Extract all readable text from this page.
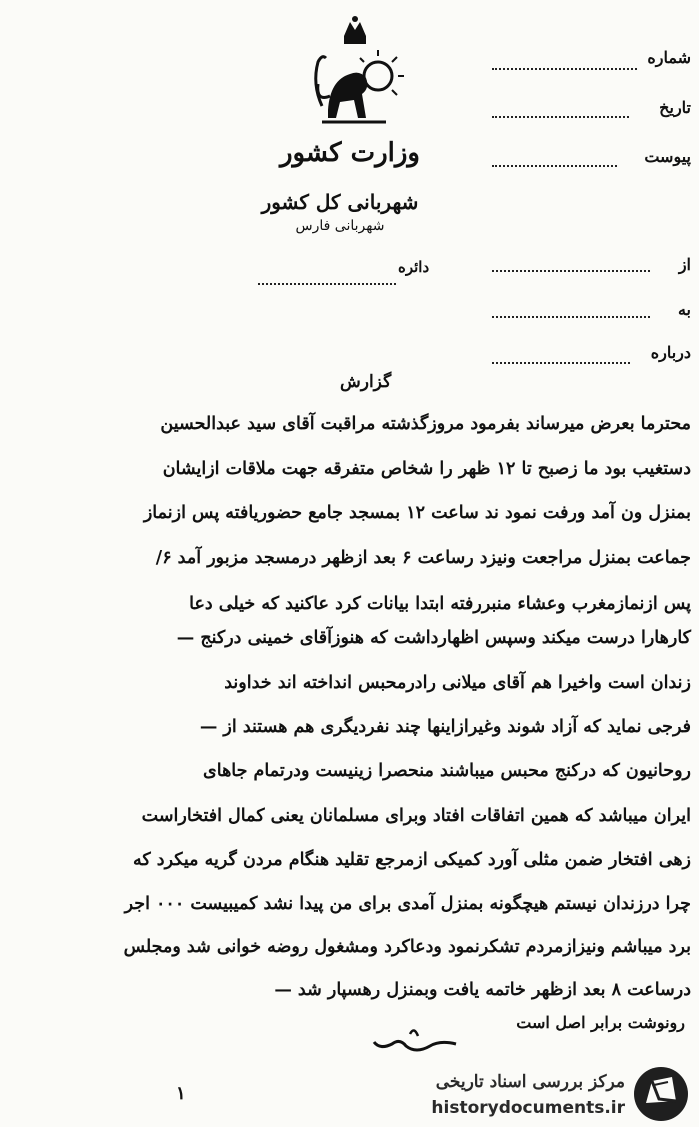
وزارت کشور
شهربانی کل کشور
شهربانی فارس
شماره
تاریخ
پیوست
دائره	از
به
درباره
گزارش
محترما بعرض میرساند بفرمود مروزگذشته مراقبت آقای سید عبدالحسین
دستغیب بود ما زصبح تا ۱۲ ظهر را شخاص متفرقه جهت ملاقات ازایشان
بمنزل ون آمد ورفت نمود ند ساعت ۱۲ بمسجد جامع حضوریافته پس ازنماز
جماعت بمنزل مراجعت ونیزد رساعت ۶ بعد ازظهر درمسجد مزبور آمد ۶/
پس ازنمازمغرب وعشاء منبررفته ابتدا بیانات کرد عاکنید که خیلی دعا
کارهارا درست میکند وسپس اظهارداشت که هنوزآقای خمینی درکنج —
زندان است واخیرا هم آقای میلانی رادرمحبس انداخته اند خداوند
فرجی نماید که آزاد شوند وغیرازاینها چند نفردیگری هم هستند از —
روحانیون که درکنج محبس میباشند منحصرا زینیست ودرتمام جاهای
ایران میباشد که همین اتفاقات افتاد وبرای مسلمانان یعنی کمال افتخاراست
زهی افتخار ضمن مثلی آورد کمیکی ازمرجع تقلید هنگام مردن گریه میکرد که
چرا درزندان نیستم هیچگونه بمنزل آمدی برای من پیدا نشد کمیبیست ۰۰۰ اجر
برد میباشم ونیزازمردم تشکرنمود ودعاکرد ومشغول روضه خوانی شد ومجلس
درساعت ۸ بعد ازظهر خاتمه یافت وبمنزل رهسپار شد —
رونوشت برابر اصل است
۱
مرکز بررسی اسناد تاریخی
historydocuments.ir
